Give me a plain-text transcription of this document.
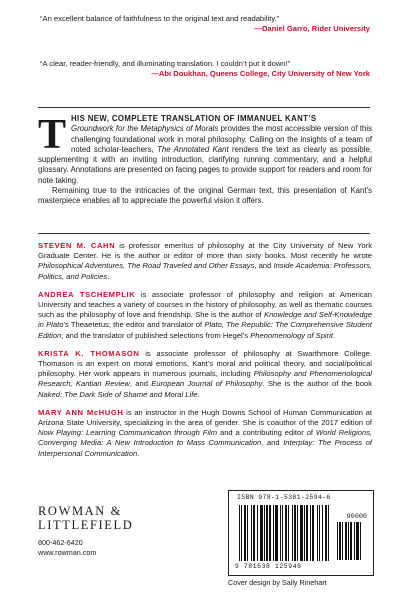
“An excellent balance of faithfulness to the original text and readability.”
—Daniel Garro, Rider University
“A clear, reader-friendly, and illuminating translation. I couldn’t put it down!”
—Abi Doukhan, Queens College, City University of New York

THIS NEW, COMPLETE TRANSLATION OF IMMANUEL KANT’S
Groundwork for the Metaphysics of Morals provides the most accessible version of this challenging foundational work in moral philosophy. Calling on the insights of a team of noted scholar-teachers, The Annotated Kant renders the text as clearly as possible, supplementing it with an inviting introduction, clarifying running commentary, and a helpful glossary. Annotations are presented on facing pages to provide support for readers and room for note taking.

Remaining true to the intricacies of the original German text, this presentation of Kant’s masterpiece enables all to appreciate the powerful vision it offers.

STEVEN M. CAHN is professor emeritus of philosophy at the City University of New York Graduate Center. He is the author or editor of more than sixty books. Most recently he wrote Philosophical Adventures, The Road Traveled and Other Essays, and Inside Academia: Professors, Politics, and Policies.

ANDREA TSCHEMPLIK is associate professor of philosophy and religion at American University and teaches a variety of courses in the history of philosophy, as well as thematic courses such as the philosophy of love and friendship. She is the author of Knowledge and Self-Knowledge in Plato’s Theaetetus; the editor and translator of Plato, The Republic: The Comprehensive Student Edition; and the translator of published selections from Hegel’s Phenomenology of Spirit.

KRISTA K. THOMASON is associate professor of philosophy at Swarthmore College. Thomason is an expert on moral emotions, Kant’s moral and political theory, and social/political philosophy. Her work appears in numerous journals, including Philosophy and Phenomenological Research, Kantian Review, and European Journal of Philosophy. She is the author of the book Naked: The Dark Side of Shame and Moral Life.

MARY ANN McHUGH is an instructor in the Hugh Downs School of Human Communication at Arizona State University, specializing in the area of gender. She is coauthor of the 2017 edition of Now Playing: Learning Communication through Film and a contributing editor of World Religions, Converging Media: A New Introduction to Mass Communication, and Interplay: The Process of Interpersonal Communication.

ROWMAN &
LITTLEFIELD
800-462-6420
www.rowman.com
ISBN 978-1-5381-2594-6
90000
9 781538 125946
Cover design by Sally Rinehart
